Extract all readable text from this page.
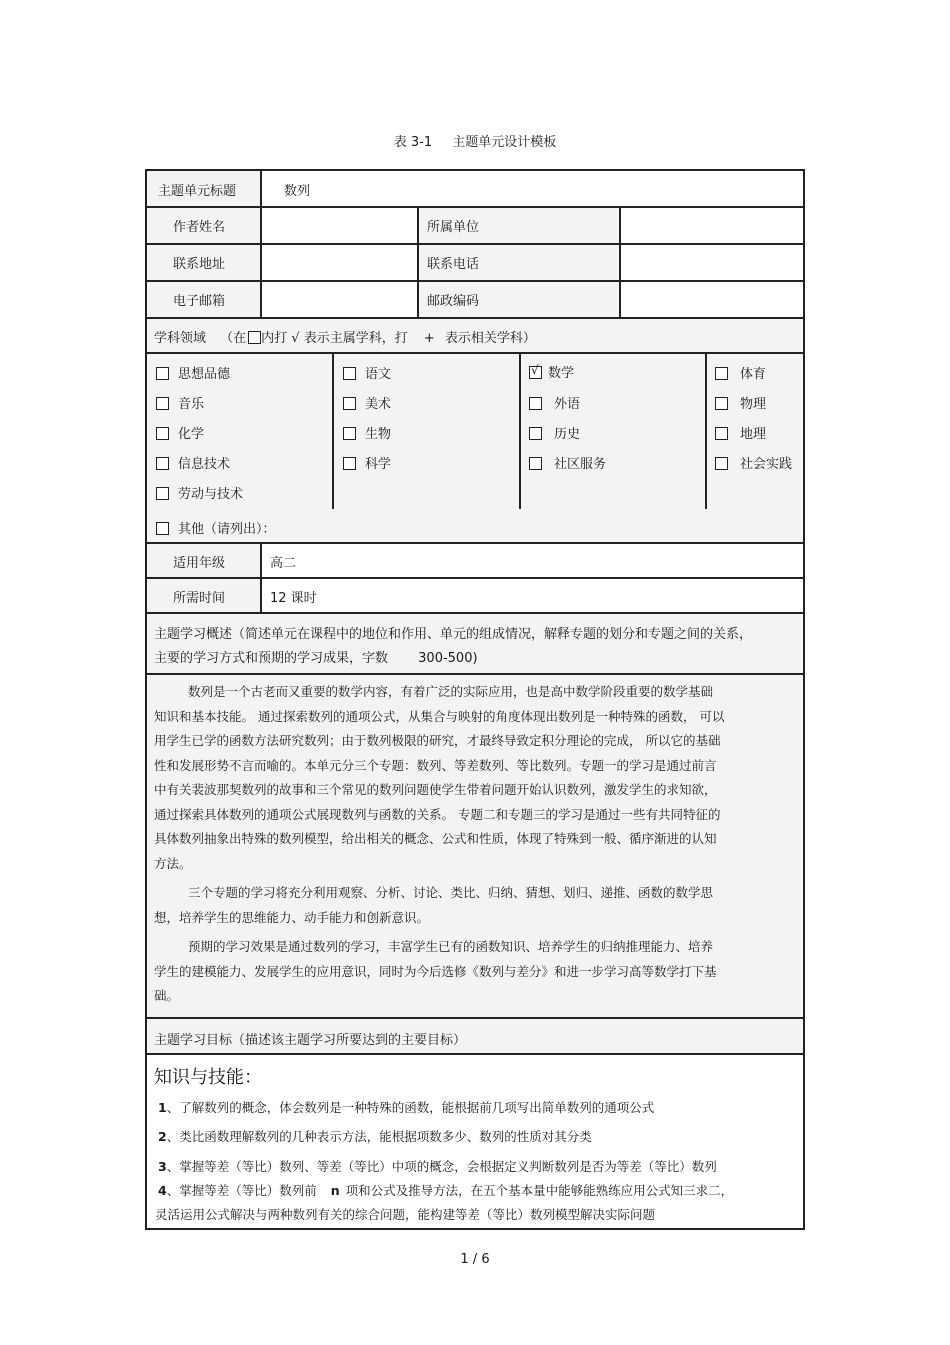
表 3-1 主题单元设计模板
主题单元标题	数列
作者姓名	所属单位
联系地址	联系电话
电子邮箱	邮政编码
学科领域 （在 内打 √ 表示主属学科，打 + 表示相关学科）
思想品德
音乐
化学
信息技术
劳动与技术
语文
美术
生物
科学
√数学
外语
历史
社区服务
体育
物理
地理
社会实践
其他（请列出）：
适用年级	高二
所需时间	12 课时
主题学习概述（简述单元在课程中的地位和作用、单元的组成情况，解释专题的划分和专题之间的关系，
主要的学习方式和预期的学习成果，字数 300-500)
数列是一个古老而又重要的数学内容，有着广泛的实际应用，也是高中数学阶段重要的数学基础
知识和基本技能。 通过探索数列的通项公式，从集合与映射的角度体现出数列是一种特殊的函数， 可以
用学生已学的函数方法研究数列；由于数列极限的研究，才最终导致定积分理论的完成， 所以它的基础
性和发展形势不言而喻的。本单元分三个专题：数列、等差数列、等比数列。专题一的学习是通过前言
中有关裴波那契数列的故事和三个常见的数列问题使学生带着问题开始认识数列，激发学生的求知欲，
通过探索具体数列的通项公式展现数列与函数的关系。 专题二和专题三的学习是通过一些有共同特征的
具体数列抽象出特殊的数列模型，给出相关的概念、公式和性质，体现了特殊到一般、循序渐进的认知
方法。
三个专题的学习将充分利用观察、分析、讨论、类比、归纳、猜想、划归、递推、函数的数学思
想，培养学生的思维能力、动手能力和创新意识。
预期的学习效果是通过数列的学习，丰富学生已有的函数知识、培养学生的归纳推理能力、培养
学生的建模能力、发展学生的应用意识，同时为今后选修《数列与差分》和进一步学习高等数学打下基
础。
主题学习目标（描述该主题学习所要达到的主要目标）
知识与技能：
1、了解数列的概念，体会数列是一种特殊的函数，能根据前几项写出简单数列的通项公式
2、类比函数理解数列的几种表示方法，能根据项数多少、数列的性质对其分类
3、掌握等差（等比）数列、等差（等比）中项的概念，会根据定义判断数列是否为等差（等比）数列
4、掌握等差（等比）数列前 n 项和公式及推导方法，在五个基本量中能够能熟练应用公式知三求二，
灵活运用公式解决与两种数列有关的综合问题，能构建等差（等比）数列模型解决实际问题
1 / 6
